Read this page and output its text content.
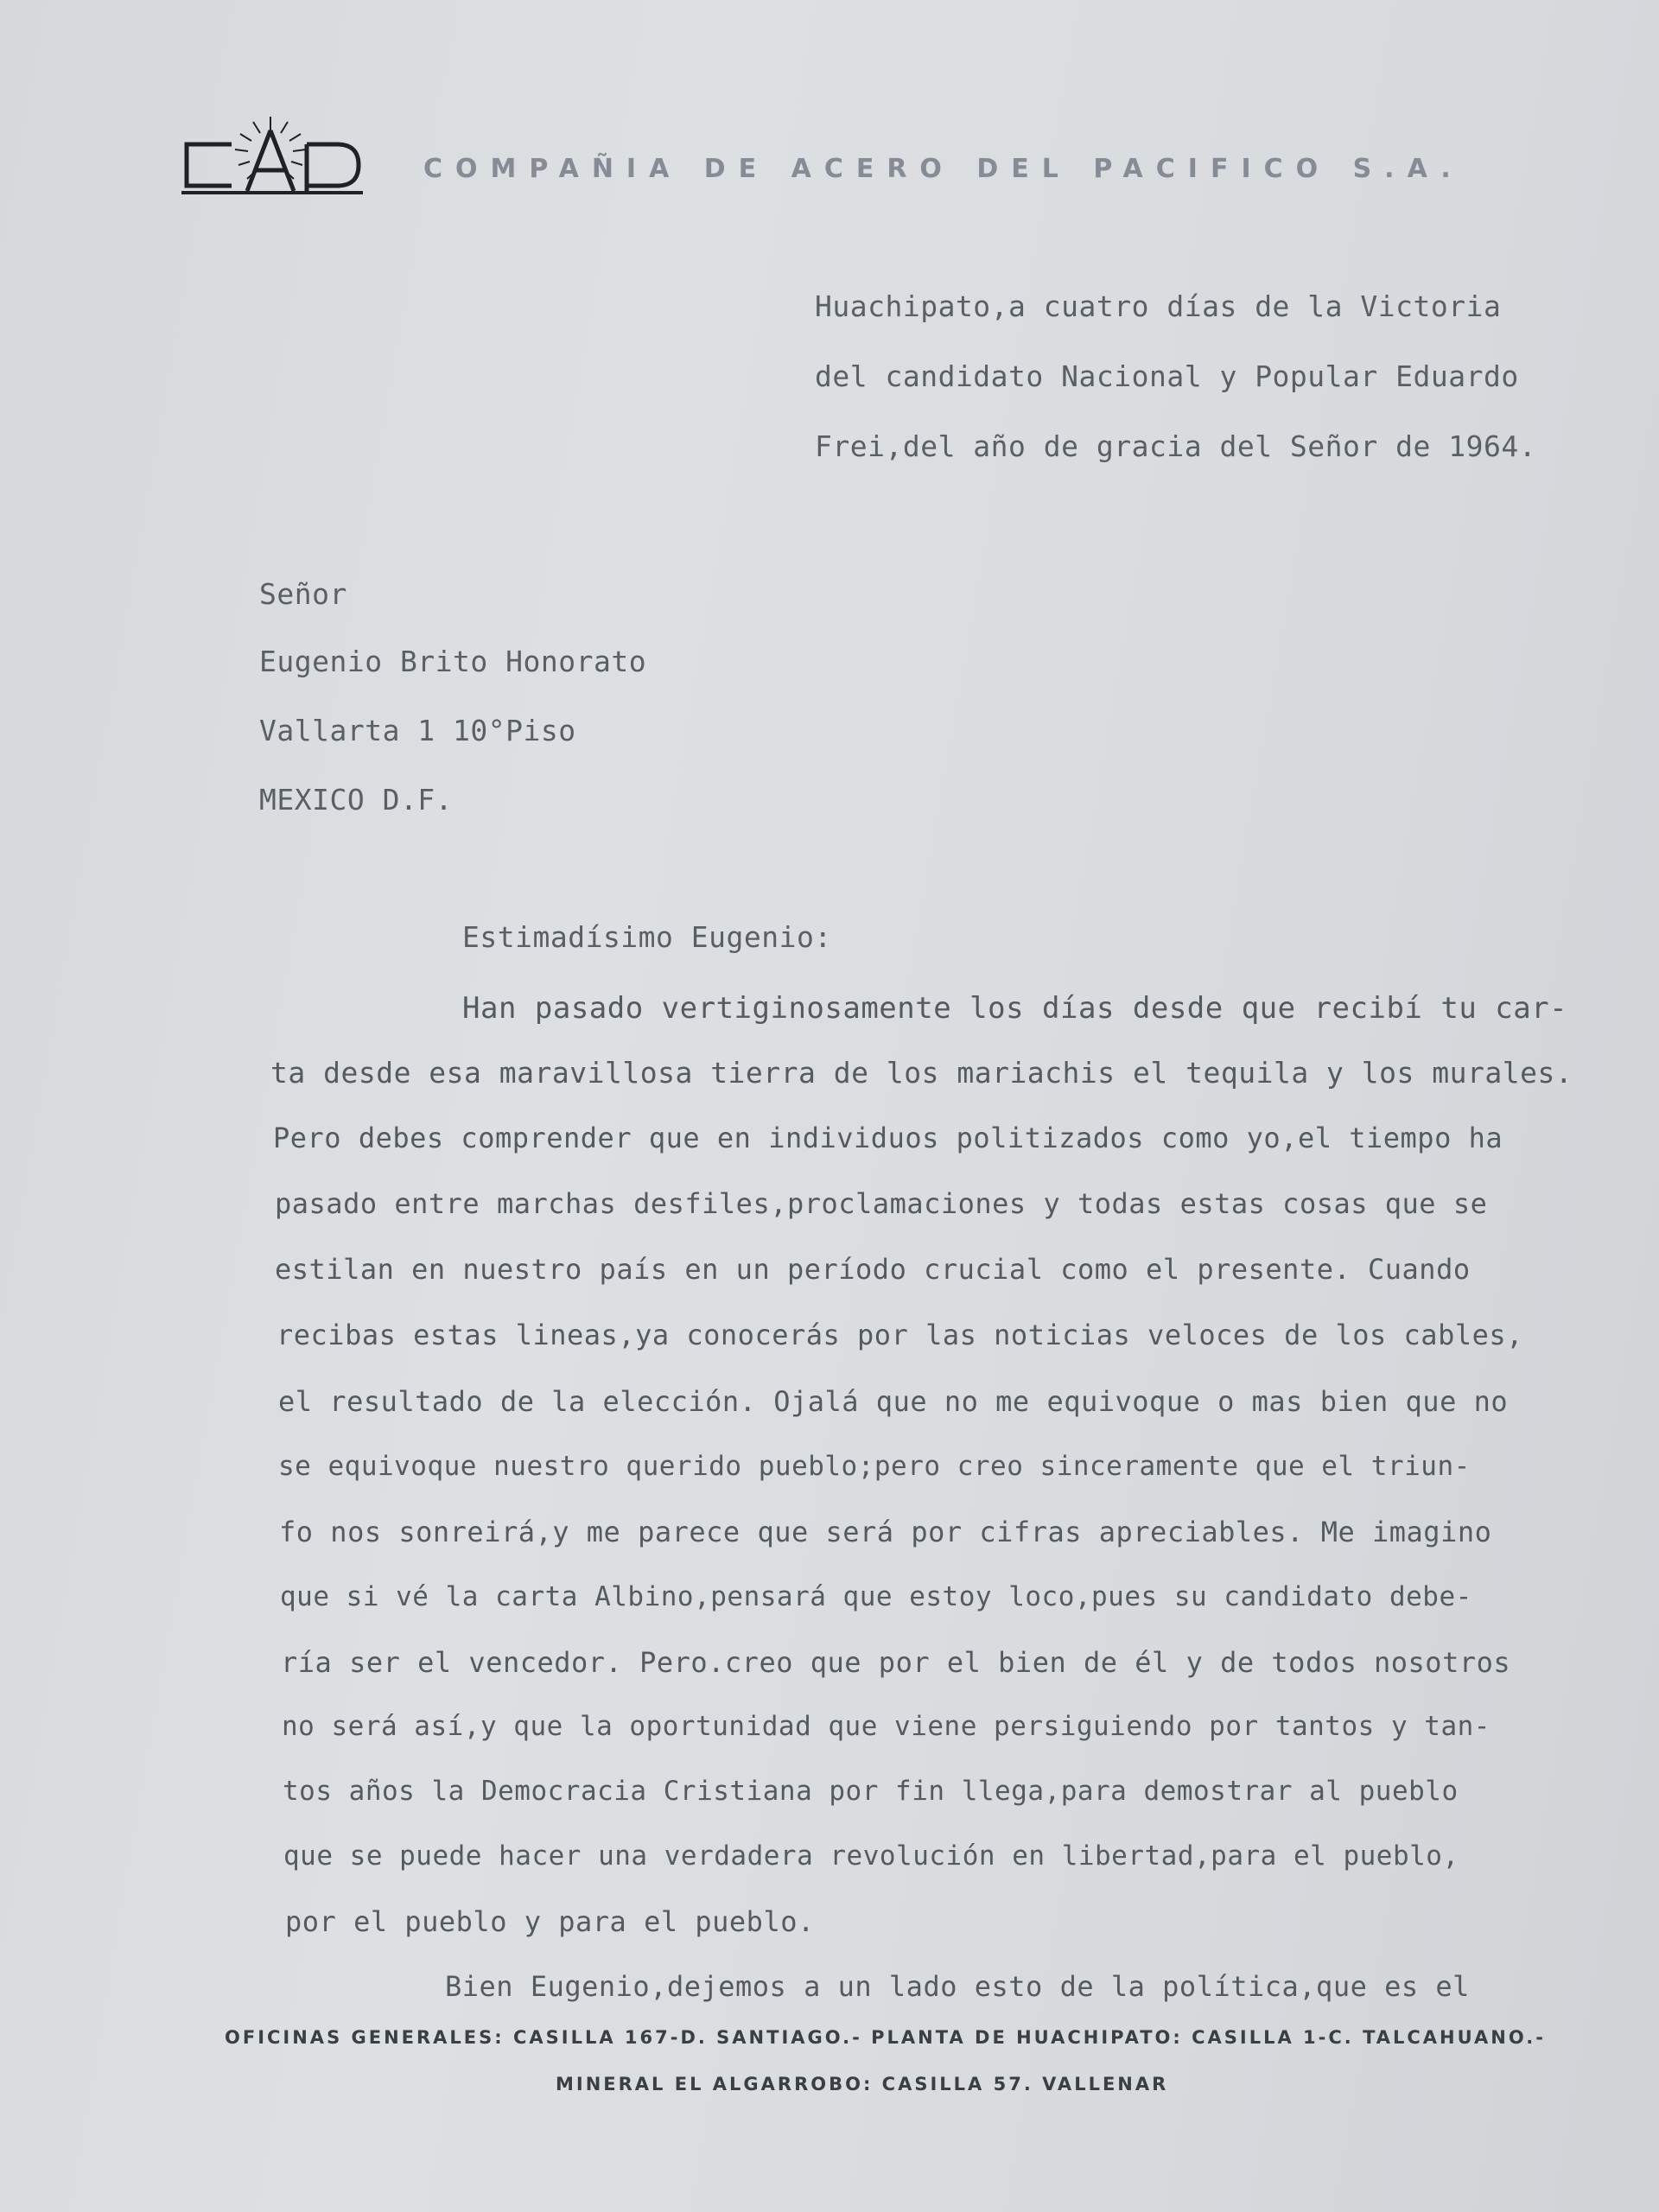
COMPAÑIA DE ACERO DEL PACIFICO S.A.
Huachipato,a cuatro días de la Victoria
del candidato Nacional y Popular Eduardo
Frei,del año de gracia del Señor de 1964.
Señor
Eugenio Brito Honorato
Vallarta 1 10°Piso
MEXICO D.F.
Estimadísimo Eugenio:
Han pasado vertiginosamente los días desde que recibí tu car-
ta desde esa maravillosa tierra de los mariachis el tequila y los murales.
Pero debes comprender que en individuos politizados como yo,el tiempo ha
pasado entre marchas desfiles,proclamaciones y todas estas cosas que se
estilan en nuestro país en un período crucial como el presente. Cuando
recibas estas lineas,ya conocerás por las noticias veloces de los cables,
el resultado de la elección. Ojalá que no me equivoque o mas bien que no
se equivoque nuestro querido pueblo;pero creo sinceramente que el triun-
fo nos sonreirá,y me parece que será por cifras apreciables. Me imagino
que si vé la carta Albino,pensará que estoy loco,pues su candidato debe-
ría ser el vencedor. Pero.creo que por el bien de él y de todos nosotros
no será así,y que la oportunidad que viene persiguiendo por tantos y tan-
tos años la Democracia Cristiana por fin llega,para demostrar al pueblo
que se puede hacer una verdadera revolución en libertad,para el pueblo,
por el pueblo y para el pueblo.
Bien Eugenio,dejemos a un lado esto de la política,que es el
OFICINAS GENERALES: CASILLA 167-D. SANTIAGO.- PLANTA DE HUACHIPATO: CASILLA 1-C. TALCAHUANO.-
MINERAL EL ALGARROBO: CASILLA 57. VALLENAR
